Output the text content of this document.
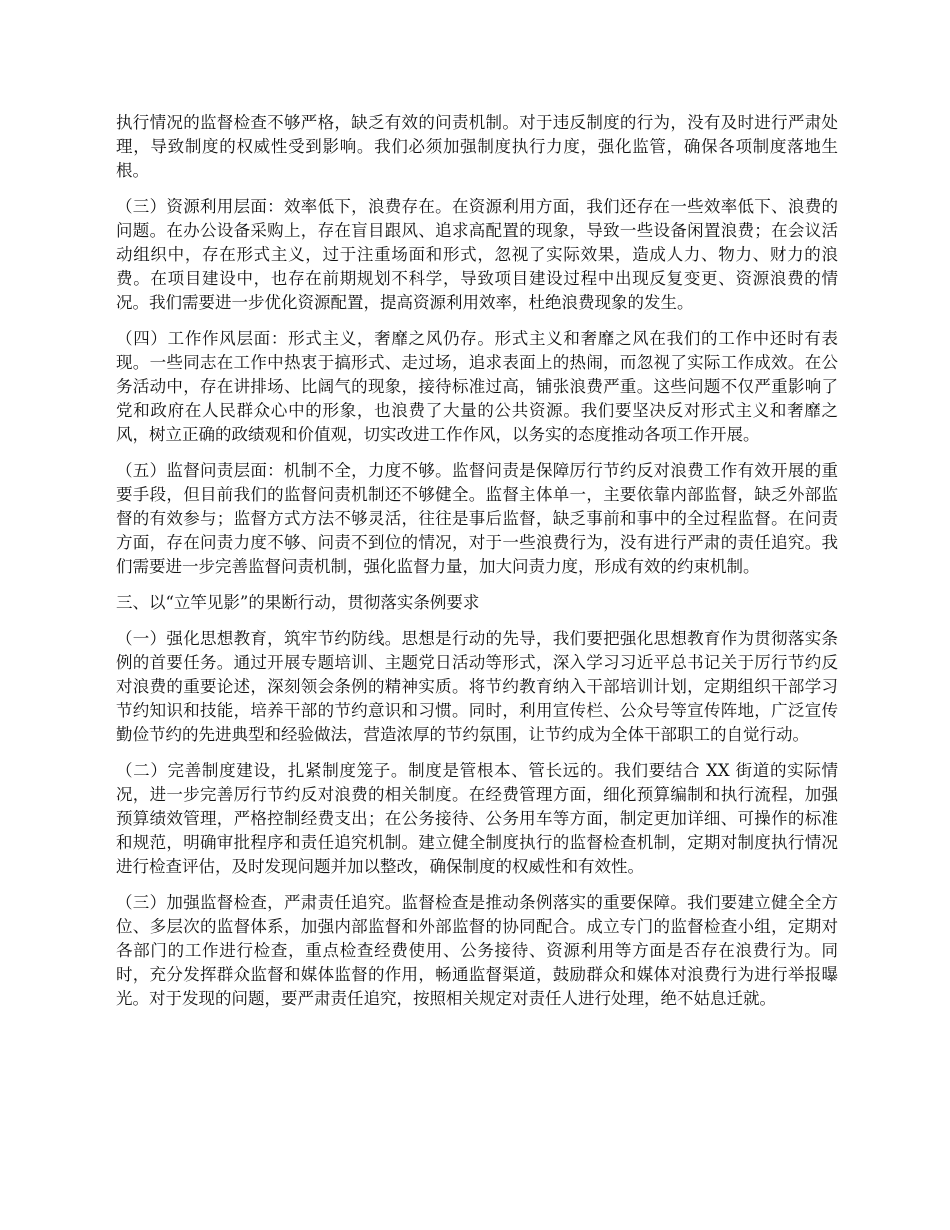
执行情况的监督检查不够严格，缺乏有效的问责机制。对于违反制度的行为，没有及时进行严肃处理，导致制度的权威性受到影响。我们必须加强制度执行力度，强化监管，确保各项制度落地生根。

（三）资源利用层面：效率低下，浪费存在。在资源利用方面，我们还存在一些效率低下、浪费的问题。在办公设备采购上，存在盲目跟风、追求高配置的现象，导致一些设备闲置浪费；在会议活动组织中，存在形式主义，过于注重场面和形式，忽视了实际效果，造成人力、物力、财力的浪费。在项目建设中，也存在前期规划不科学，导致项目建设过程中出现反复变更、资源浪费的情况。我们需要进一步优化资源配置，提高资源利用效率，杜绝浪费现象的发生。

（四）工作作风层面：形式主义，奢靡之风仍存。形式主义和奢靡之风在我们的工作中还时有表现。一些同志在工作中热衷于搞形式、走过场，追求表面上的热闹，而忽视了实际工作成效。在公务活动中，存在讲排场、比阔气的现象，接待标准过高，铺张浪费严重。这些问题不仅严重影响了党和政府在人民群众心中的形象，也浪费了大量的公共资源。我们要坚决反对形式主义和奢靡之风，树立正确的政绩观和价值观，切实改进工作作风，以务实的态度推动各项工作开展。

（五）监督问责层面：机制不全，力度不够。监督问责是保障厉行节约反对浪费工作有效开展的重要手段，但目前我们的监督问责机制还不够健全。监督主体单一，主要依靠内部监督，缺乏外部监督的有效参与；监督方式方法不够灵活，往往是事后监督，缺乏事前和事中的全过程监督。在问责方面，存在问责力度不够、问责不到位的情况，对于一些浪费行为，没有进行严肃的责任追究。我们需要进一步完善监督问责机制，强化监督力量，加大问责力度，形成有效的约束机制。

三、以“立竿见影”的果断行动，贯彻落实条例要求

（一）强化思想教育，筑牢节约防线。思想是行动的先导，我们要把强化思想教育作为贯彻落实条例的首要任务。通过开展专题培训、主题党日活动等形式，深入学习习近平总书记关于厉行节约反对浪费的重要论述，深刻领会条例的精神实质。将节约教育纳入干部培训计划，定期组织干部学习节约知识和技能，培养干部的节约意识和习惯。同时，利用宣传栏、公众号等宣传阵地，广泛宣传勤俭节约的先进典型和经验做法，营造浓厚的节约氛围，让节约成为全体干部职工的自觉行动。

（二）完善制度建设，扎紧制度笼子。制度是管根本、管长远的。我们要结合 XX 街道的实际情况，进一步完善厉行节约反对浪费的相关制度。在经费管理方面，细化预算编制和执行流程，加强预算绩效管理，严格控制经费支出；在公务接待、公务用车等方面，制定更加详细、可操作的标准和规范，明确审批程序和责任追究机制。建立健全制度执行的监督检查机制，定期对制度执行情况进行检查评估，及时发现问题并加以整改，确保制度的权威性和有效性。

（三）加强监督检查，严肃责任追究。监督检查是推动条例落实的重要保障。我们要建立健全全方位、多层次的监督体系，加强内部监督和外部监督的协同配合。成立专门的监督检查小组，定期对各部门的工作进行检查，重点检查经费使用、公务接待、资源利用等方面是否存在浪费行为。同时，充分发挥群众监督和媒体监督的作用，畅通监督渠道，鼓励群众和媒体对浪费行为进行举报曝光。对于发现的问题，要严肃责任追究，按照相关规定对责任人进行处理，绝不姑息迁就。
